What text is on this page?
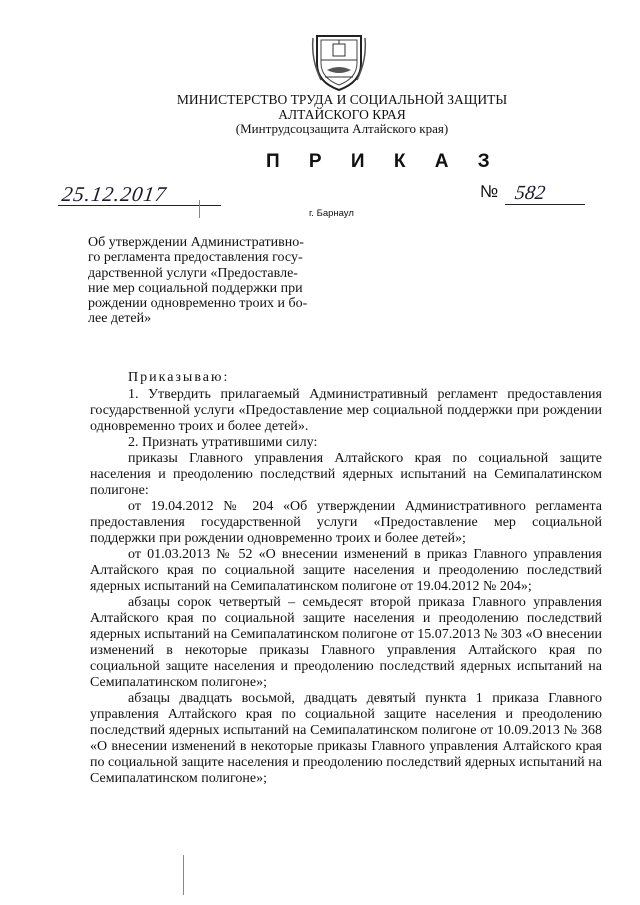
МИНИСТЕРСТВО ТРУДА И СОЦИАЛЬНОЙ ЗАЩИТЫ

АЛТАЙСКОГО КРАЯ

(Минтрудсоцзащита Алтайского края)

П Р И К А З

25.12.2017	№ 582
г. Барнаул
Об утверждении Административно-
го регламента предоставления госу-
дарственной услуги «Предоставле-
ние мер социальной поддержки при
рождении одновременно троих и бо-
лее детей»
Приказываю:
1. Утвердить прилагаемый Административный регламент предоставления государственной услуги «Предоставление мер социальной поддержки при рождении одновременно троих и более детей».
2. Признать утратившими силу:
приказы Главного управления Алтайского края по социальной защите населения и преодолению последствий ядерных испытаний на Семипалатинском полигоне:
от 19.04.2012 № 204 «Об утверждении Административного регламента предоставления государственной услуги «Предоставление мер социальной поддержки при рождении одновременно троих и более детей»;
от 01.03.2013 № 52 «О внесении изменений в приказ Главного управления Алтайского края по социальной защите населения и преодолению последствий ядерных испытаний на Семипалатинском полигоне от 19.04.2012 № 204»;
абзацы сорок четвертый – семьдесят второй приказа Главного управления Алтайского края по социальной защите населения и преодолению последствий ядерных испытаний на Семипалатинском полигоне от 15.07.2013 № 303 «О внесении изменений в некоторые приказы Главного управления Алтайского края по социальной защите населения и преодолению последствий ядерных испытаний на Семипалатинском полигоне»;
абзацы двадцать восьмой, двадцать девятый пункта 1 приказа Главного управления Алтайского края по социальной защите населения и преодолению последствий ядерных испытаний на Семипалатинском полигоне от 10.09.2013 № 368 «О внесении изменений в некоторые приказы Главного управления Алтайского края по социальной защите населения и преодолению последствий ядерных испытаний на Семипалатинском полигоне»;
